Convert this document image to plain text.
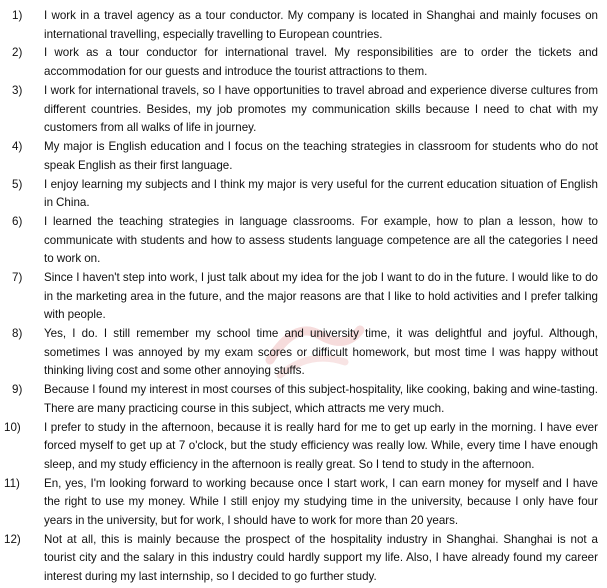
1)	I work in a travel agency as a tour conductor. My company is located in Shanghai and mainly focuses on international travelling, especially travelling to European countries.
2)	I work as a tour conductor for international travel. My responsibilities are to order the tickets and accommodation for our guests and introduce the tourist attractions to them.
3)	I work for international travels, so I have opportunities to travel abroad and experience diverse cultures from different countries. Besides, my job promotes my communication skills because I need to chat with my customers from all walks of life in journey.
4)	My major is English education and I focus on the teaching strategies in classroom for students who do not speak English as their first language.
5)	I enjoy learning my subjects and I think my major is very useful for the current education situation of English in China.
6)	I learned the teaching strategies in language classrooms. For example, how to plan a lesson, how to communicate with students and how to assess students language competence are all the categories I need to work on.
7)	Since I haven't step into work, I just talk about my idea for the job I want to do in the future. I would like to do in the marketing area in the future, and the major reasons are that I like to hold activities and I prefer talking with people.
8)	Yes, I do. I still remember my school time and university time, it was delightful and joyful. Although, sometimes I was annoyed by my exam scores or difficult homework, but most time I was happy without thinking living cost and some other annoying stuffs.
9)	Because I found my interest in most courses of this subject-hospitality, like cooking, baking and wine-tasting. There are many practicing course in this subject, which attracts me very much.
10)	I prefer to study in the afternoon, because it is really hard for me to get up early in the morning. I have ever forced myself to get up at 7 o'clock, but the study efficiency was really low. While, every time I have enough sleep, and my study efficiency in the afternoon is really great. So I tend to study in the afternoon.
11)	En, yes, I'm looking forward to working because once I start work, I can earn money for myself and I have the right to use my money. While I still enjoy my studying time in the university, because I only have four years in the university, but for work, I should have to work for more than 20 years.
12)	Not at all, this is mainly because the prospect of the hospitality industry in Shanghai. Shanghai is not a tourist city and the salary in this industry could hardly support my life. Also, I have already found my career interest during my last internship, so I decided to go further study.
